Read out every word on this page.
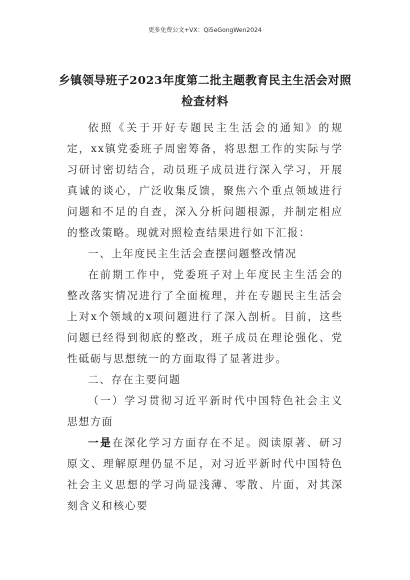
更多免费公文+VX：Qi5eGongWen2024
乡镇领导班子2023年度第二批主题教育民主生活会对照检查材料

依照《关于开好专题民主生活会的通知》的规定，xx镇党委班子周密筹备，将思想工作的实际与学习研讨密切结合，动员班子成员进行深入学习，开展真诚的谈心，广泛收集反馈，聚焦六个重点领域进行问题和不足的自查，深入分析问题根源，并制定相应的整改策略。现就对照检查结果进行如下汇报：

一、上年度民主生活会查摆问题整改情况

在前期工作中，党委班子对上年度民主生活会的整改落实情况进行了全面梳理，并在专题民主生活会上对x个领域的x项问题进行了深入剖析。目前，这些问题已经得到彻底的整改，班子成员在理论强化、党性砥砺与思想统一的方面取得了显著进步。

二、存在主要问题

（一）学习贯彻习近平新时代中国特色社会主义思想方面

一是在深化学习方面存在不足。阅读原著、研习原文、理解原理仍显不足，对习近平新时代中国特色社会主义思想的学习尚显浅薄、零散、片面，对其深刻含义和核心要
